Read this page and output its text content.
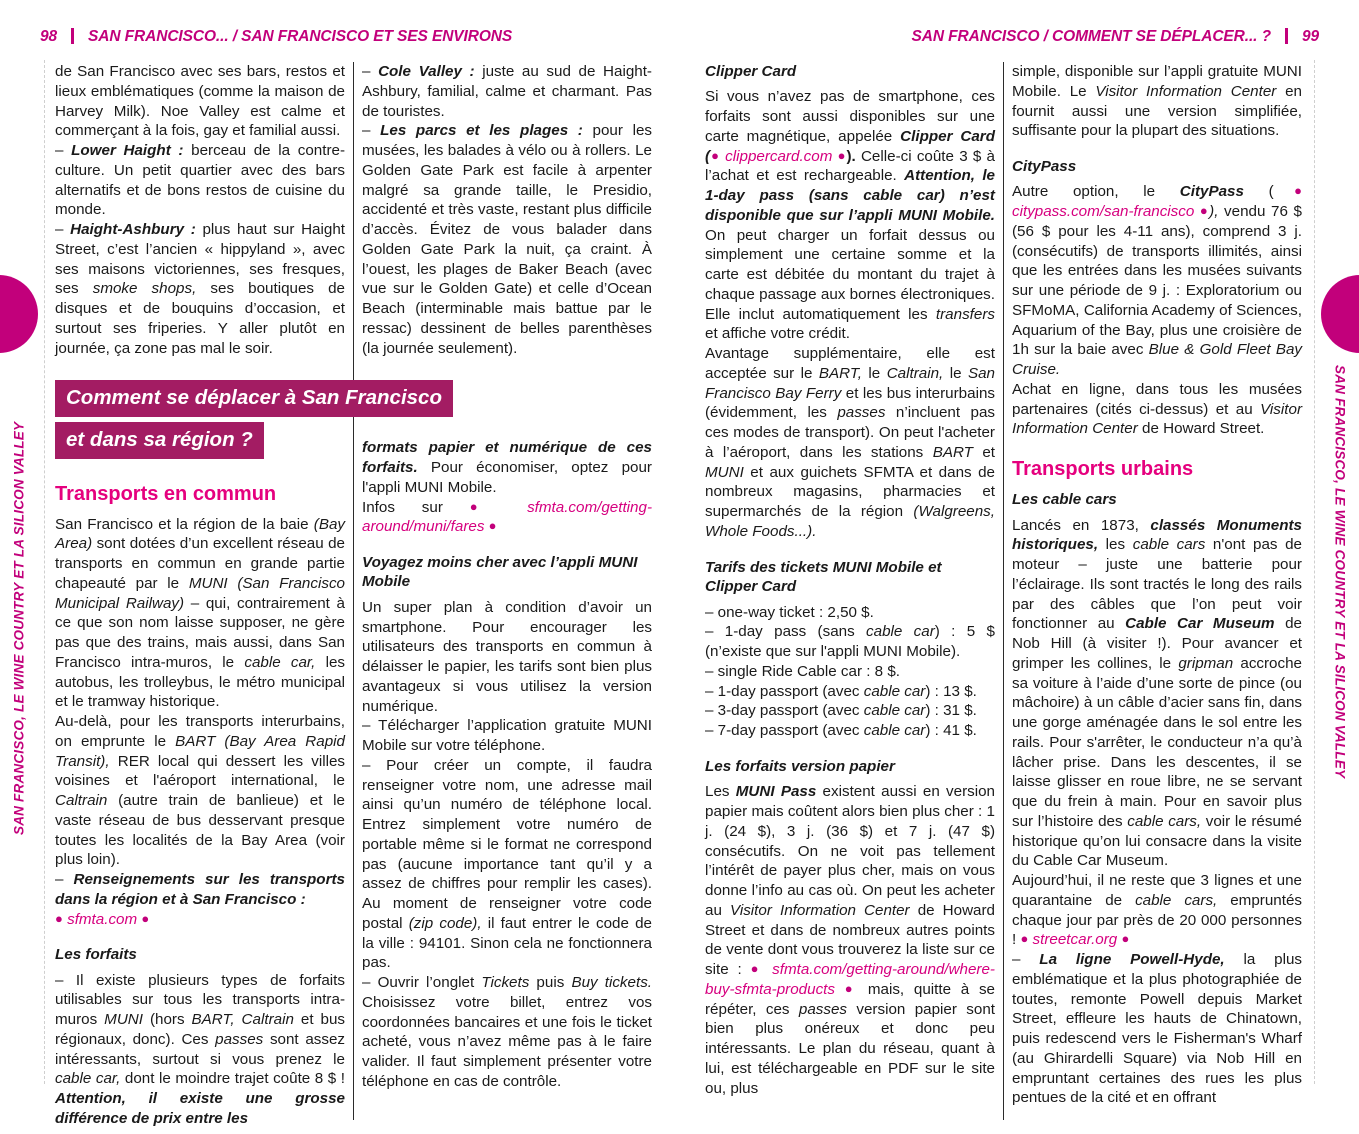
98 SAN FRANCISCO... / SAN FRANCISCO ET SES ENVIRONS	SAN FRANCISCO / COMMENT SE DÉPLACER... ? 99
SAN FRANCISCO, LE WINE COUNTRY ET LA SILICON VALLEY	SAN FRANCISCO, LE WINE COUNTRY ET LA SILICON VALLEY

de San Francisco avec ses bars, restos et lieux emblématiques (comme la maison de Harvey Milk). Noe Valley est calme et commerçant à la fois, gay et familial aussi.

– Lower Haight : berceau de la contre-culture. Un petit quartier avec des bars alternatifs et de bons restos de cuisine du monde.

– Haight-Ashbury : plus haut sur Haight Street, c’est l’ancien « hippyland », avec ses maisons victoriennes, ses fresques, ses smoke shops, ses boutiques de disques et de bouquins d’occasion, et surtout ses friperies. Y aller plutôt en journée, ça zone pas mal le soir.

Comment se déplacer à San Francisco
et dans sa région ?
Transports en commun

San Francisco et la région de la baie (Bay Area) sont dotées d’un excellent réseau de transports en commun en grande partie chapeauté par le MUNI (San Francisco Municipal Railway) – qui, contrairement à ce que son nom laisse supposer, ne gère pas que des trains, mais aussi, dans San Francisco intra-muros, le cable car, les autobus, les trolleybus, le métro municipal et le tramway historique.

Au-delà, pour les transports interurbains, on emprunte le BART (Bay Area Rapid Transit), RER local qui dessert les villes voisines et l'aéroport international, le Caltrain (autre train de banlieue) et le vaste réseau de bus desservant presque toutes les localités de la Bay Area (voir plus loin).

– Renseignements sur les transports dans la région et à San Francisco :

● sfmta.com ●

Les forfaits

– Il existe plusieurs types de forfaits utilisables sur tous les transports intra-muros MUNI (hors BART, Caltrain et bus régionaux, donc). Ces passes sont assez intéressants, surtout si vous prenez le cable car, dont le moindre trajet coûte 8 $ ! Attention, il existe une grosse différence de prix entre les

– Cole Valley : juste au sud de Haight-Ashbury, familial, calme et charmant. Pas de touristes.

– Les parcs et les plages : pour les musées, les balades à vélo ou à rollers. Le Golden Gate Park est facile à arpenter malgré sa grande taille, le Presidio, accidenté et très vaste, restant plus difficile d’accès. Évitez de vous balader dans Golden Gate Park la nuit, ça craint. À l’ouest, les plages de Baker Beach (avec vue sur le Golden Gate) et celle d’Ocean Beach (interminable mais battue par le ressac) dessinent de belles parenthèses (la journée seulement).

formats papier et numérique de ces forfaits. Pour économiser, optez pour l'appli MUNI Mobile.

Infos sur ● sfmta.com/getting-around/muni/fares ●

Voyagez moins cher avec l’appli MUNI Mobile

Un super plan à condition d’avoir un smartphone. Pour encourager les utilisateurs des transports en commun à délaisser le papier, les tarifs sont bien plus avantageux si vous utilisez la version numérique.

– Télécharger l’application gratuite MUNI Mobile sur votre téléphone.

– Pour créer un compte, il faudra renseigner votre nom, une adresse mail ainsi qu’un numéro de téléphone local. Entrez simplement votre numéro de portable même si le format ne correspond pas (aucune importance tant qu’il y a assez de chiffres pour remplir les cases). Au moment de renseigner votre code postal (zip code), il faut entrer le code de la ville : 94101. Sinon cela ne fonctionnera pas.

– Ouvrir l’onglet Tickets puis Buy tickets. Choisissez votre billet, entrez vos coordonnées bancaires et une fois le ticket acheté, vous n’avez même pas à le faire valider. Il faut simplement présenter votre téléphone en cas de contrôle.

Clipper Card

Si vous n’avez pas de smartphone, ces forfaits sont aussi disponibles sur une carte magnétique, appelée Clipper Card (● clippercard.com ●). Celle-ci coûte 3 $ à l’achat et est rechargeable. Attention, le 1-day pass (sans cable car) n’est disponible que sur l’appli MUNI Mobile. On peut charger un forfait dessus ou simplement une certaine somme et la carte est débitée du montant du trajet à chaque passage aux bornes électroniques. Elle inclut automatiquement les transfers et affiche votre crédit.

Avantage supplémentaire, elle est acceptée sur le BART, le Caltrain, le San Francisco Bay Ferry et les bus interurbains (évidemment, les passes n’incluent pas ces modes de transport). On peut l'acheter à l’aéroport, dans les stations BART et MUNI et aux guichets SFMTA et dans de nombreux magasins, pharmacies et supermarchés de la région (Walgreens, Whole Foods...).

Tarifs des tickets MUNI Mobile et Clipper Card

– one-way ticket : 2,50 $.

– 1-day pass (sans cable car) : 5 $ (n’existe que sur l'appli MUNI Mobile).

– single Ride Cable car : 8 $.

– 1-day passport (avec cable car) : 13 $.

– 3-day passport (avec cable car) : 31 $.

– 7-day passport (avec cable car) : 41 $.

Les forfaits version papier

Les MUNI Pass existent aussi en version papier mais coûtent alors bien plus cher : 1 j. (24 $), 3 j. (36 $) et 7 j. (47 $) consécutifs. On ne voit pas tellement l’intérêt de payer plus cher, mais on vous donne l’info au cas où. On peut les acheter au Visitor Information Center de Howard Street et dans de nombreux autres points de vente dont vous trouverez la liste sur ce site : ● sfmta.com/getting-around/where-buy-sfmta-products ● mais, quitte à se répéter, ces passes version papier sont bien plus onéreux et donc peu intéressants. Le plan du réseau, quant à lui, est téléchargeable en PDF sur le site ou, plus

simple, disponible sur l’appli gratuite MUNI Mobile. Le Visitor Information Center en fournit aussi une version simplifiée, suffisante pour la plupart des situations.

CityPass

Autre option, le CityPass (● citypass.com/san-francisco ●), vendu 76 $ (56 $ pour les 4-11 ans), comprend 3 j. (consécutifs) de transports illimités, ainsi que les entrées dans les musées suivants sur une période de 9 j. : Exploratorium ou SFMoMA, California Academy of Sciences, Aquarium of the Bay, plus une croisière de 1h sur la baie avec Blue & Gold Fleet Bay Cruise.

Achat en ligne, dans tous les musées partenaires (cités ci-dessus) et au Visitor Information Center de Howard Street.

Transports urbains
Les cable cars

Lancés en 1873, classés Monuments historiques, les cable cars n'ont pas de moteur – juste une batterie pour l’éclairage. Ils sont tractés le long des rails par des câbles que l’on peut voir fonctionner au Cable Car Museum de Nob Hill (à visiter !). Pour avancer et grimper les collines, le gripman accroche sa voiture à l’aide d’une sorte de pince (ou mâchoire) à un câble d’acier sans fin, dans une gorge aménagée dans le sol entre les rails. Pour s'arrêter, le conducteur n’a qu’à lâcher prise. Dans les descentes, il se laisse glisser en roue libre, ne se servant que du frein à main. Pour en savoir plus sur l’histoire des cable cars, voir le résumé historique qu’on lui consacre dans la visite du Cable Car Museum.

Aujourd’hui, il ne reste que 3 lignes et une quarantaine de cable cars, empruntés chaque jour par près de 20 000 personnes ! ● streetcar.org ●

– La ligne Powell-Hyde, la plus emblématique et la plus photographiée de toutes, remonte Powell depuis Market Street, effleure les hauts de Chinatown, puis redescend vers le Fisherman's Wharf (au Ghirardelli Square) via Nob Hill en empruntant certaines des rues les plus pentues de la cité et en offrant
